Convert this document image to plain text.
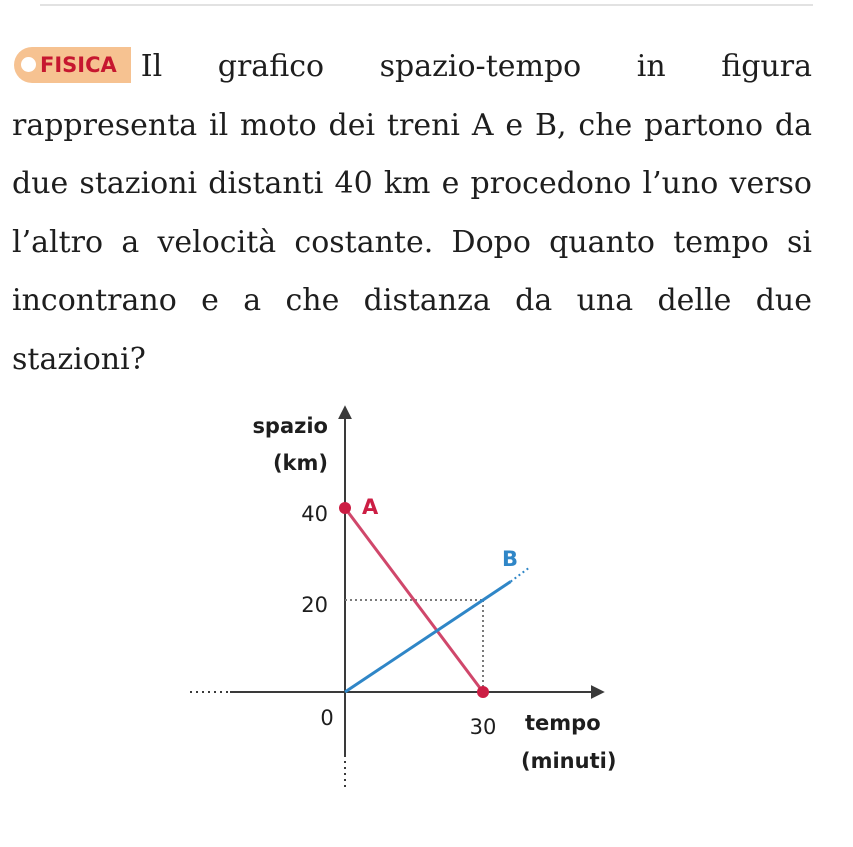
FISICA Il grafico spazio-tempo in figura rappresenta il moto dei treni A e B, che partono da due stazioni distanti 40 km e procedono l’uno verso l’altro a velocità costante. Dopo quanto tempo si incontrano e a che distanza da una delle due stazioni?
spazio
(km)
40
20
0	30 tempo
(minuti)
A
B
